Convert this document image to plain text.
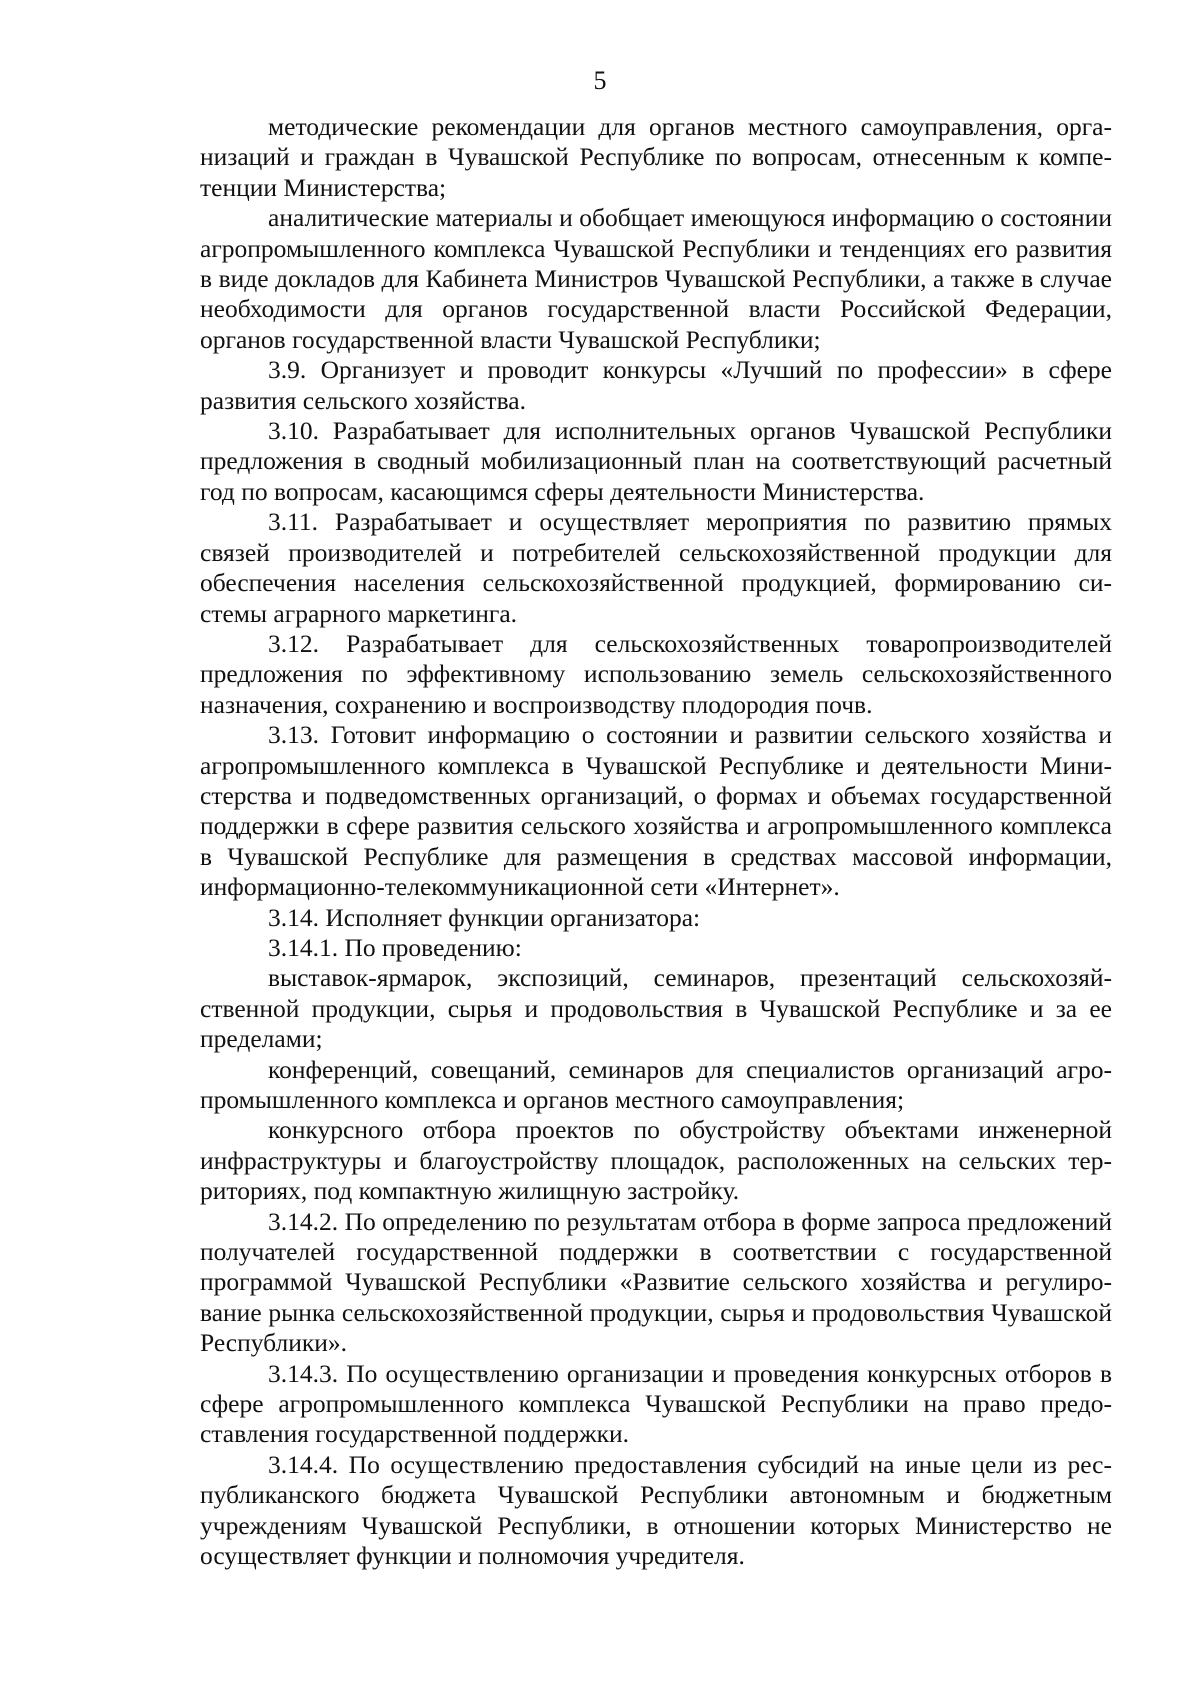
5

методические рекомендации для органов местного самоуправления, организаций и граждан в Чувашской Республике по вопросам, отнесенным к компетенции Министерства;

аналитические материалы и обобщает имеющуюся информацию о состоянии агропромышленного комплекса Чувашской Республики и тенденциях его развития в виде докладов для Кабинета Министров Чувашской Республики, а также в случае необходимости для органов государственной власти Российской Федерации, органов государственной власти Чувашской Республики;

3.9. Организует и проводит конкурсы «Лучший по профессии» в сфере развития сельского хозяйства.

3.10. Разрабатывает для исполнительных органов Чувашской Республики предложения в сводный мобилизационный план на соответствующий расчетный год по вопросам, касающимся сферы деятельности Министерства.

3.11. Разрабатывает и осуществляет мероприятия по развитию прямых связей производителей и потребителей сельскохозяйственной продукции для обеспечения населения сельскохозяйственной продукцией, формированию системы аграрного маркетинга.

3.12. Разрабатывает для сельскохозяйственных товаропроизводителей предложения по эффективному использованию земель сельскохозяйственного назначения, сохранению и воспроизводству плодородия почв.

3.13. Готовит информацию о состоянии и развитии сельского хозяйства и агропромышленного комплекса в Чувашской Республике и деятельности Министерства и подведомственных организаций, о формах и объемах государственной поддержки в сфере развития сельского хозяйства и агропромышленного комплекса в Чувашской Республике для размещения в средствах массовой информации, информационно-телекоммуникационной сети «Интернет».

3.14. Исполняет функции организатора:

3.14.1. По проведению:

выставок-ярмарок, экспозиций, семинаров, презентаций сельскохозяйственной продукции, сырья и продовольствия в Чувашской Республике и за ее пределами;

конференций, совещаний, семинаров для специалистов организаций агропромышленного комплекса и органов местного самоуправления;

конкурсного отбора проектов по обустройству объектами инженерной инфраструктуры и благоустройству площадок, расположенных на сельских территориях, под компактную жилищную застройку.

3.14.2. По определению по результатам отбора в форме запроса предложений получателей государственной поддержки в соответствии с государственной программой Чувашской Республики «Развитие сельского хозяйства и регулирование рынка сельскохозяйственной продукции, сырья и продовольствия Чувашской Республики».

3.14.3. По осуществлению организации и проведения конкурсных отборов в сфере агропромышленного комплекса Чувашской Республики на право предоставления государственной поддержки.

3.14.4. По осуществлению предоставления субсидий на иные цели из республиканского бюджета Чувашской Республики автономным и бюджетным учреждениям Чувашской Республики, в отношении которых Министерство не осуществляет функции и полномочия учредителя.
